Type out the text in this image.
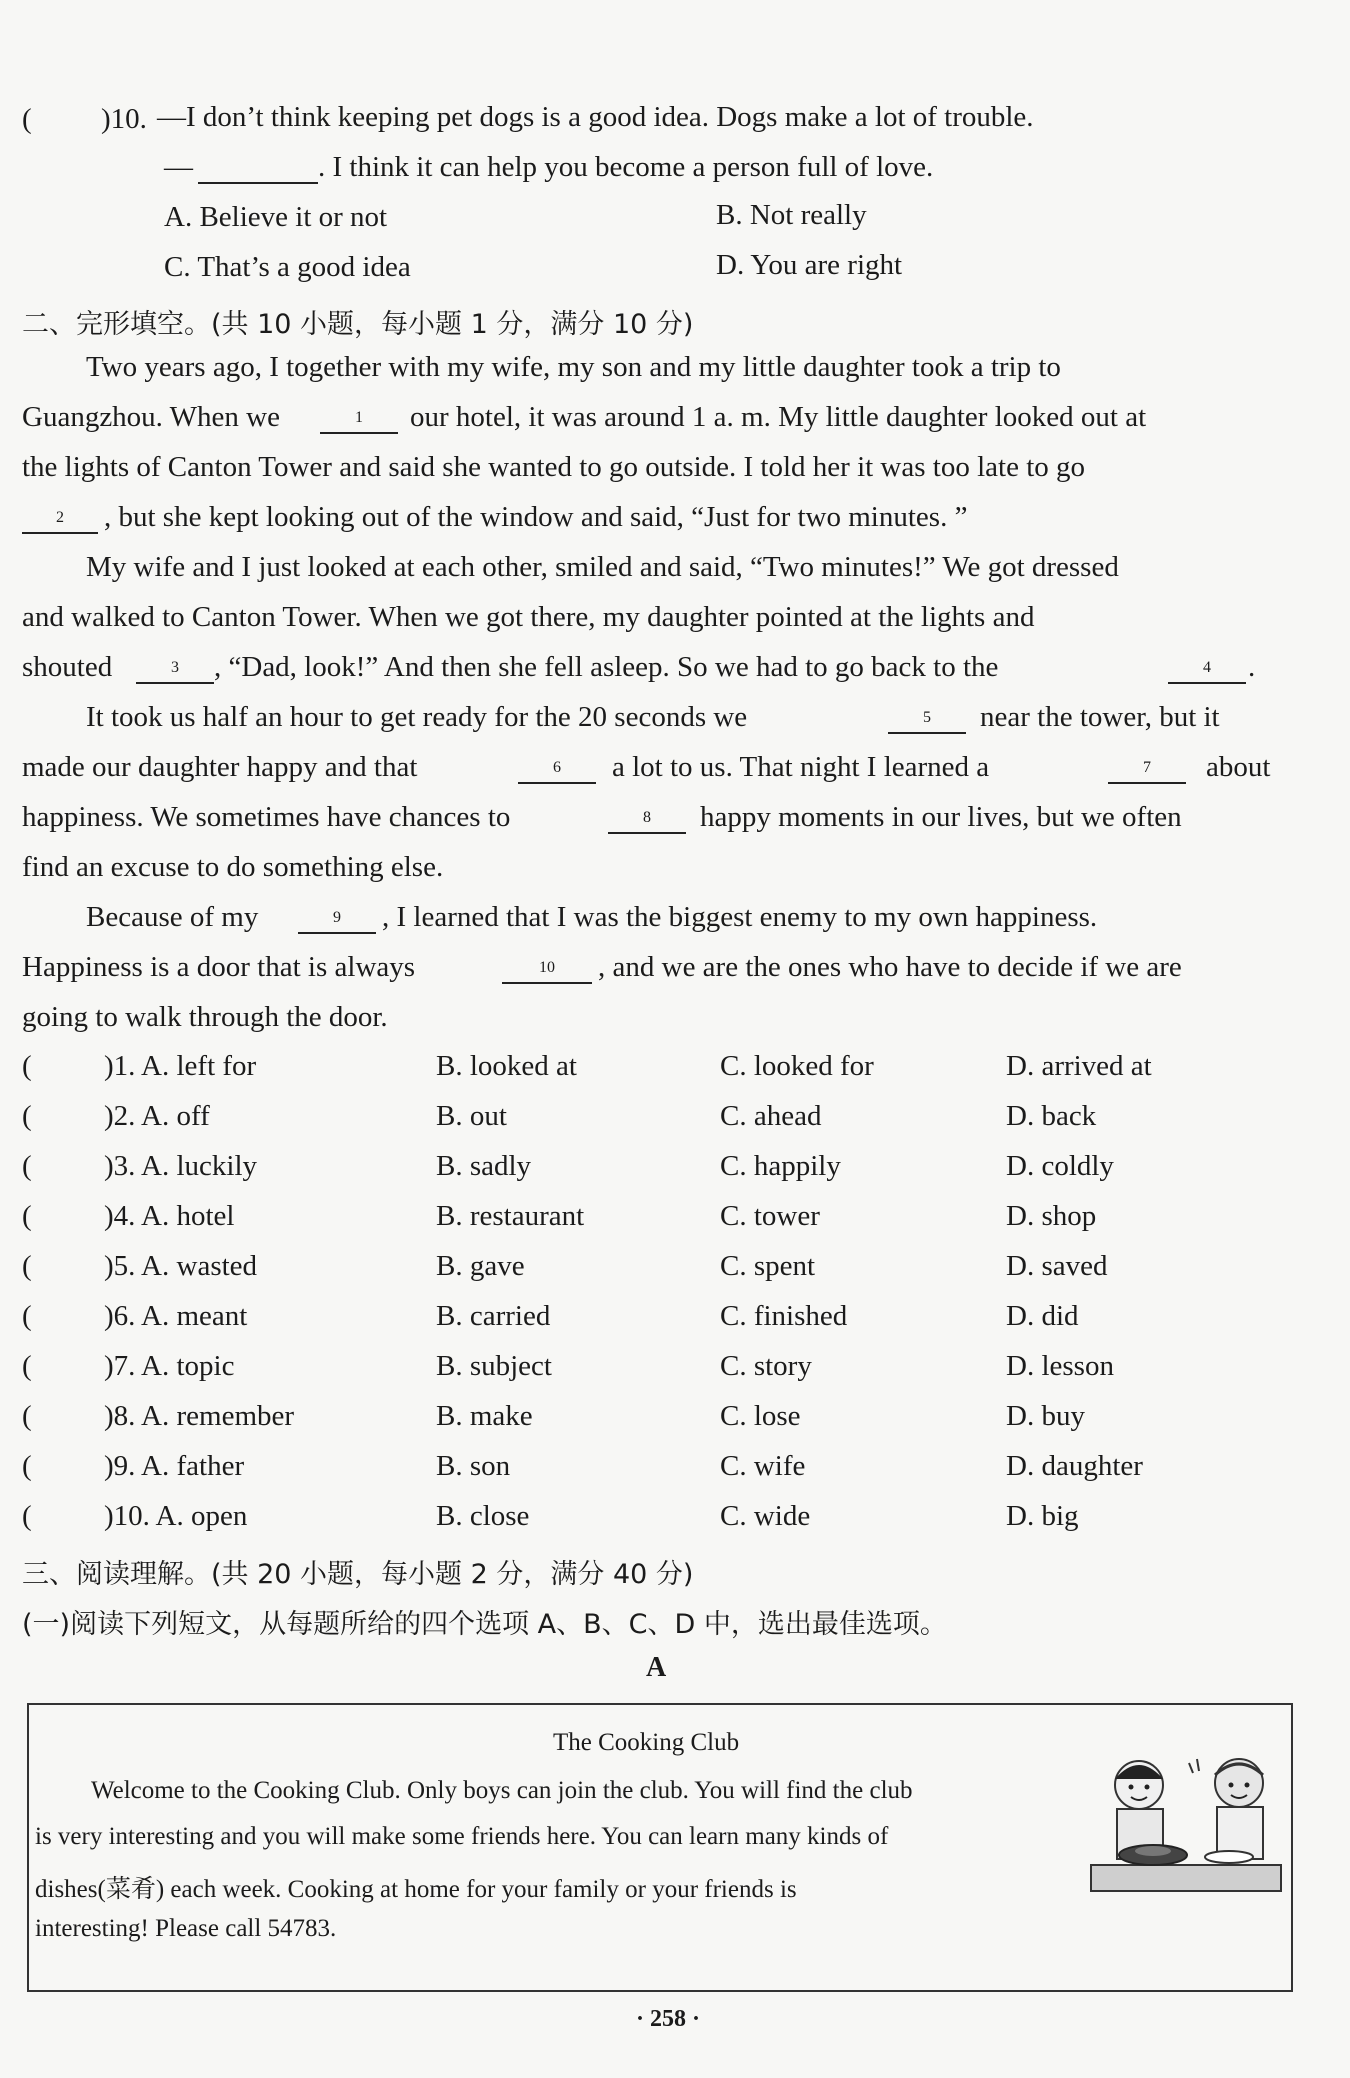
( )10. —I don’t think keeping pet dogs is a good idea. Dogs make a lot of trouble.
—	. I think it can help you become a person full of love.
A. Believe it or not	B. Not really
C. That’s a good idea	D. You are right
二、完形填空。(共 10 小题，每小题 1 分，满分 10 分)
Two years ago, I together with my wife, my son and my little daughter took a trip to
Guangzhou. When we	1	our hotel, it was around 1 a. m. My little daughter looked out at
the lights of Canton Tower and said she wanted to go outside. I told her it was too late to go
2	, but she kept looking out of the window and said, “Just for two minutes. ”
My wife and I just looked at each other, smiled and said, “Two minutes!” We got dressed
and walked to Canton Tower. When we got there, my daughter pointed at the lights and
shouted	3	, “Dad, look!” And then she fell asleep. So we had to go back to the	4	.
It took us half an hour to get ready for the 20 seconds we	5	near the tower, but it
made our daughter happy and that	6	a lot to us. That night I learned a	7	about
happiness. We sometimes have chances to	8	happy moments in our lives, but we often
find an excuse to do something else.
Because of my	9	, I learned that I was the biggest enemy to my own happiness.
Happiness is a door that is always	10	, and we are the ones who have to decide if we are
going to walk through the door.
( )1. A. left for	B. looked at	C. looked for	D. arrived at
( )2. A. off	B. out	C. ahead	D. back
( )3. A. luckily	B. sadly	C. happily	D. coldly
( )4. A. hotel	B. restaurant	C. tower	D. shop
( )5. A. wasted	B. gave	C. spent	D. saved
( )6. A. meant	B. carried	C. finished	D. did
( )7. A. topic	B. subject	C. story	D. lesson
( )8. A. remember	B. make	C. lose	D. buy
( )9. A. father	B. son	C. wife	D. daughter
( )10. A. open	B. close	C. wide	D. big
三、阅读理解。(共 20 小题，每小题 2 分，满分 40 分)
(一)阅读下列短文，从每题所给的四个选项 A、B、C、D 中，选出最佳选项。
A
The Cooking Club
Welcome to the Cooking Club. Only boys can join the club. You will find the club
is very interesting and you will make some friends here. You can learn many kinds of
dishes(菜肴) each week. Cooking at home for your family or your friends is
interesting! Please call 54783.
· 258 ·
